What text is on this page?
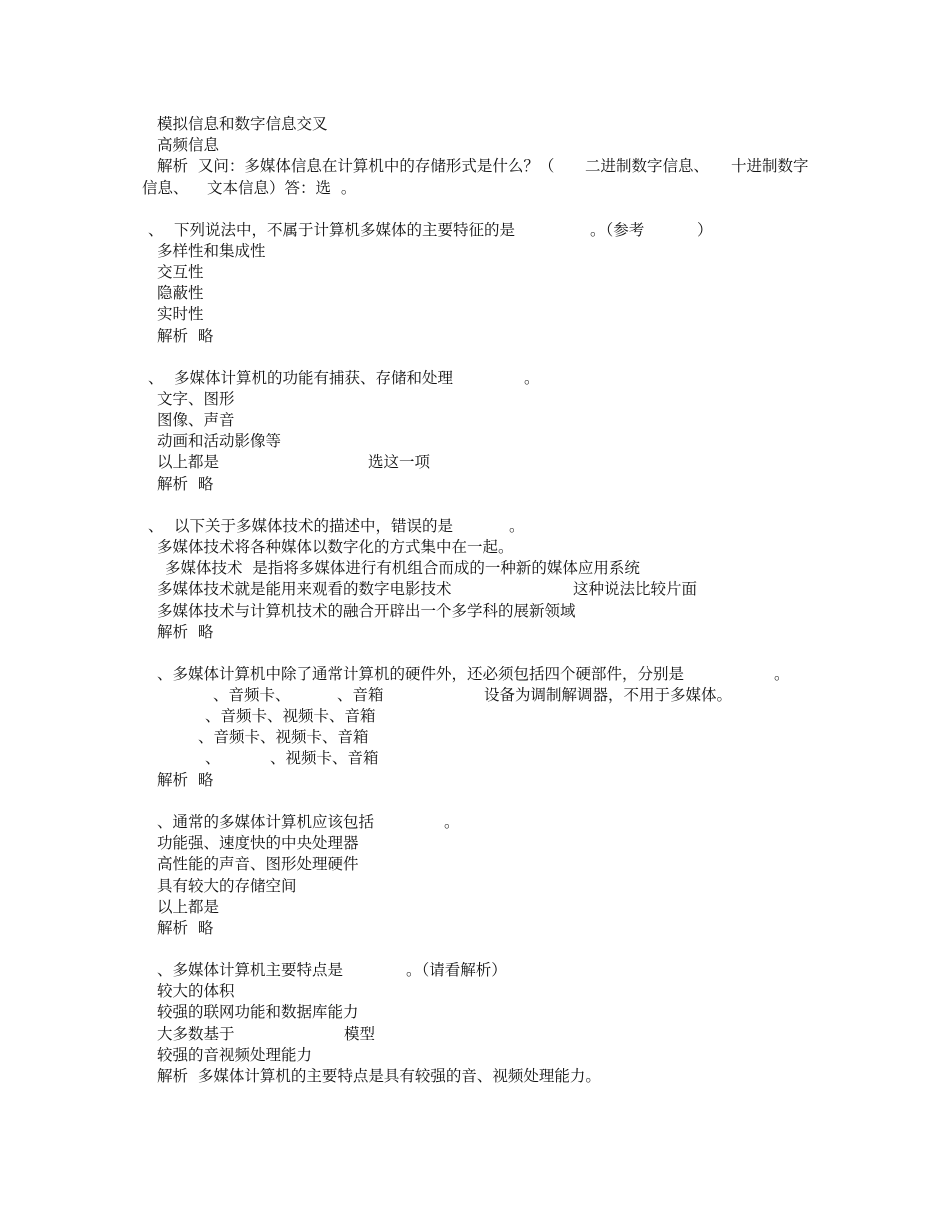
模拟信息和数字信息交叉
高频信息
解析  又问：多媒体信息在计算机中的存储形式是什么？（ 二进制数字信息、 十进制数字
信息、 文本信息）答：选  。
、 下列说法中，不属于计算机多媒体的主要特征的是	。（参考	）
多样性和集成性
交互性
隐蔽性
实时性
解析  略
、 多媒体计算机的功能有捕获、存储和处理	。
文字、图形
图像、声音
动画和活动影像等
以上都是	选这一项
解析  略
、 以下关于多媒体技术的描述中，错误的是	。
多媒体技术将各种媒体以数字化的方式集中在一起。
多媒体技术  是指将多媒体进行有机组合而成的一种新的媒体应用系统
多媒体技术就是能用来观看的数字电影技术	这种说法比较片面
多媒体技术与计算机技术的融合开辟出一个多学科的展新领域
解析  略
、多媒体计算机中除了通常计算机的硬件外，还必须包括四个硬部件，分别是	。
、音频卡、	、音箱	设备为调制解调器，不用于多媒体。
、音频卡、视频卡、音箱
、音频卡、视频卡、音箱
、	、视频卡、音箱
解析  略
、通常的多媒体计算机应该包括	。
功能强、速度快的中央处理器
高性能的声音、图形处理硬件
具有较大的存储空间
以上都是
解析  略
、多媒体计算机主要特点是	。（请看解析）
较大的体积
较强的联网功能和数据库能力
大多数基于	模型
较强的音视频处理能力
解析  多媒体计算机的主要特点是具有较强的音、视频处理能力。
